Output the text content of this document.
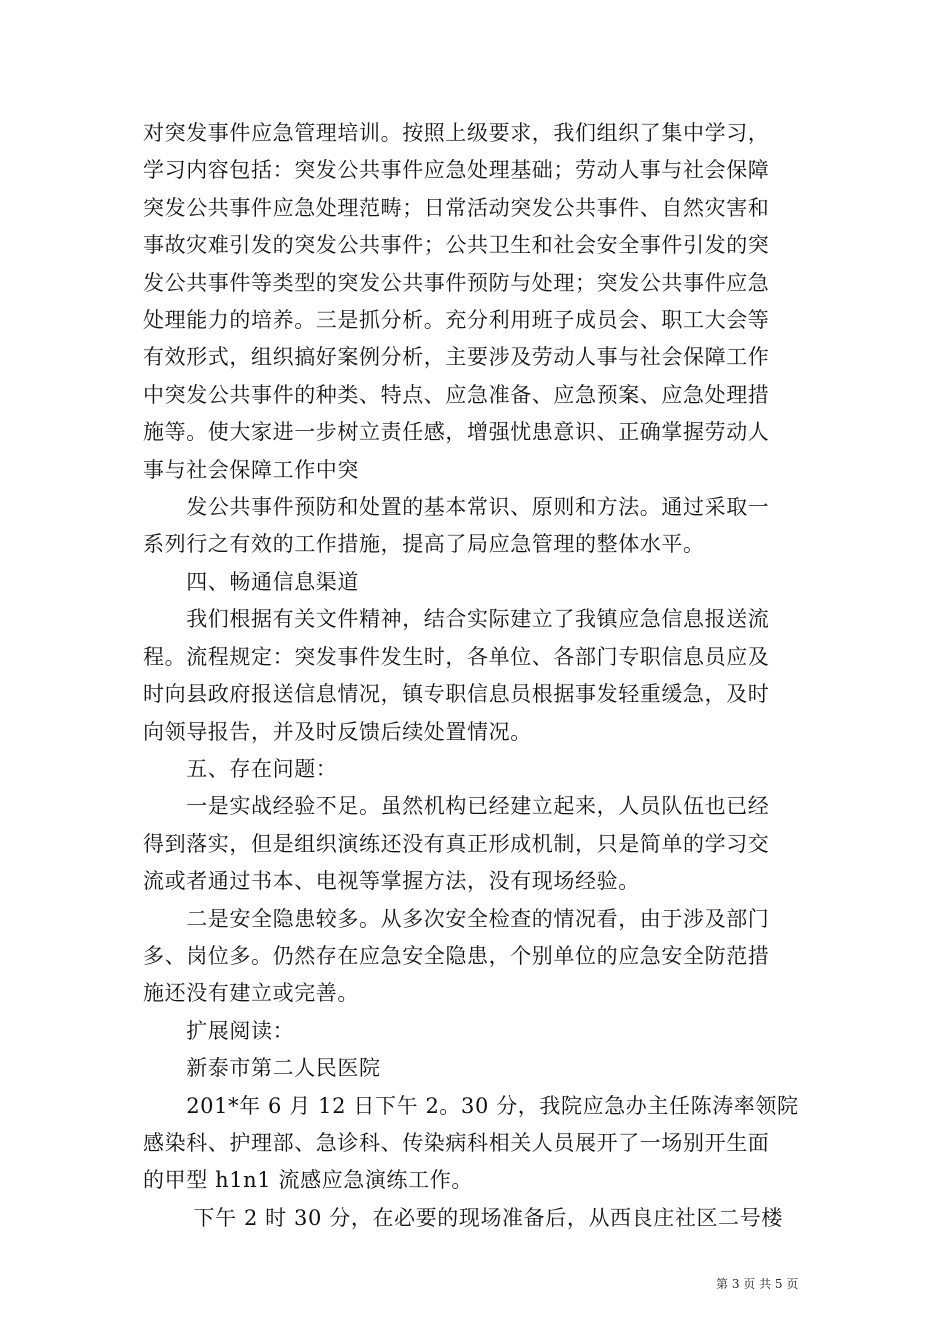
对突发事件应急管理培训。按照上级要求，我们组织了集中学习，

学习内容包括：突发公共事件应急处理基础；劳动人事与社会保障

突发公共事件应急处理范畴；日常活动突发公共事件、自然灾害和

事故灾难引发的突发公共事件；公共卫生和社会安全事件引发的突

发公共事件等类型的突发公共事件预防与处理；突发公共事件应急

处理能力的培养。三是抓分析。充分利用班子成员会、职工大会等

有效形式，组织搞好案例分析，主要涉及劳动人事与社会保障工作

中突发公共事件的种类、特点、应急准备、应急预案、应急处理措

施等。使大家进一步树立责任感，增强忧患意识、正确掌握劳动人

事与社会保障工作中突

　　发公共事件预防和处置的基本常识、原则和方法。通过采取一

系列行之有效的工作措施，提高了局应急管理的整体水平。

　　四、畅通信息渠道

　　我们根据有关文件精神，结合实际建立了我镇应急信息报送流

程。流程规定：突发事件发生时，各单位、各部门专职信息员应及

时向县政府报送信息情况，镇专职信息员根据事发轻重缓急，及时

向领导报告，并及时反馈后续处置情况。

　　五、存在问题：

　　一是实战经验不足。虽然机构已经建立起来，人员队伍也已经

得到落实，但是组织演练还没有真正形成机制，只是简单的学习交

流或者通过书本、电视等掌握方法，没有现场经验。

　　二是安全隐患较多。从多次安全检查的情况看，由于涉及部门

多、岗位多。仍然存在应急安全隐患，个别单位的应急安全防范措

施还没有建立或完善。

　　扩展阅读：

　　新泰市第二人民医院

　　201*年 6 月 12 日下午 2。30 分，我院应急办主任陈涛率领院

感染科、护理部、急诊科、传染病科相关人员展开了一场别开生面

的甲型 h1n1 流感应急演练工作。

　　 下午 2 时 30 分，在必要的现场准备后，从西良庄社区二号楼

第 3 页 共 5 页
